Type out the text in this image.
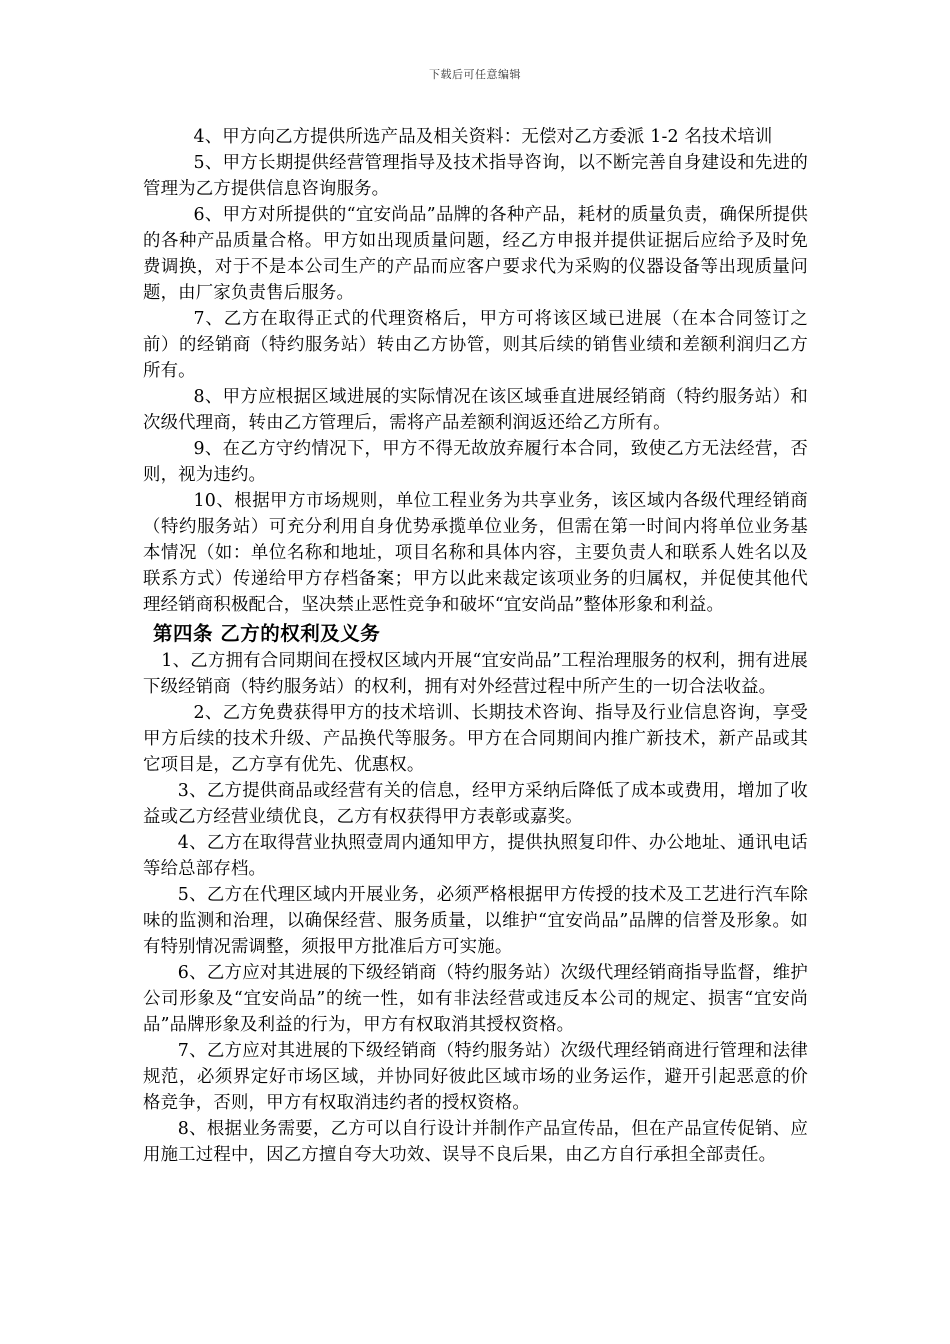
下载后可任意编辑

4、甲方向乙方提供所选产品及相关资料：无偿对乙方委派 1-2 名技术培训

5、甲方长期提供经营管理指导及技术指导咨询，以不断完善自身建设和先进的管理为乙方提供信息咨询服务。

6、甲方对所提供的“宜安尚品”品牌的各种产品，耗材的质量负责，确保所提供的各种产品质量合格。甲方如出现质量问题，经乙方申报并提供证据后应给予及时免费调换，对于不是本公司生产的产品而应客户要求代为采购的仪器设备等出现质量问题，由厂家负责售后服务。

7、乙方在取得正式的代理资格后，甲方可将该区域已进展（在本合同签订之前）的经销商（特约服务站）转由乙方协管，则其后续的销售业绩和差额利润归乙方所有。

8、甲方应根据区域进展的实际情况在该区域垂直进展经销商（特约服务站）和次级代理商，转由乙方管理后，需将产品差额利润返还给乙方所有。

9、在乙方守约情况下，甲方不得无故放弃履行本合同，致使乙方无法经营，否则，视为违约。

10、根据甲方市场规则，单位工程业务为共享业务，该区域内各级代理经销商（特约服务站）可充分利用自身优势承揽单位业务，但需在第一时间内将单位业务基本情况（如：单位名称和地址，项目名称和具体内容，主要负责人和联系人姓名以及联系方式）传递给甲方存档备案；甲方以此来裁定该项业务的归属权，并促使其他代理经销商积极配合，坚决禁止恶性竞争和破坏“宜安尚品”整体形象和利益。

第四条 乙方的权利及义务

1、乙方拥有合同期间在授权区域内开展“宜安尚品”工程治理服务的权利，拥有进展下级经销商（特约服务站）的权利，拥有对外经营过程中所产生的一切合法收益。

2、乙方免费获得甲方的技术培训、长期技术咨询、指导及行业信息咨询，享受甲方后续的技术升级、产品换代等服务。甲方在合同期间内推广新技术，新产品或其它项目是，乙方享有优先、优惠权。

3、乙方提供商品或经营有关的信息，经甲方采纳后降低了成本或费用，增加了收益或乙方经营业绩优良，乙方有权获得甲方表彰或嘉奖。

4、乙方在取得营业执照壹周内通知甲方，提供执照复印件、办公地址、通讯电话等给总部存档。

5、乙方在代理区域内开展业务，必须严格根据甲方传授的技术及工艺进行汽车除味的监测和治理，以确保经营、服务质量，以维护“宜安尚品”品牌的信誉及形象。如有特别情况需调整，须报甲方批准后方可实施。

6、乙方应对其进展的下级经销商（特约服务站）次级代理经销商指导监督，维护公司形象及“宜安尚品”的统一性，如有非法经营或违反本公司的规定、损害“宜安尚品”品牌形象及利益的行为，甲方有权取消其授权资格。

7、乙方应对其进展的下级经销商（特约服务站）次级代理经销商进行管理和法律规范，必须界定好市场区域，并协同好彼此区域市场的业务运作，避开引起恶意的价格竞争，否则，甲方有权取消违约者的授权资格。

8、根据业务需要，乙方可以自行设计并制作产品宣传品，但在产品宣传促销、应用施工过程中，因乙方擅自夸大功效、误导不良后果，由乙方自行承担全部责任。
